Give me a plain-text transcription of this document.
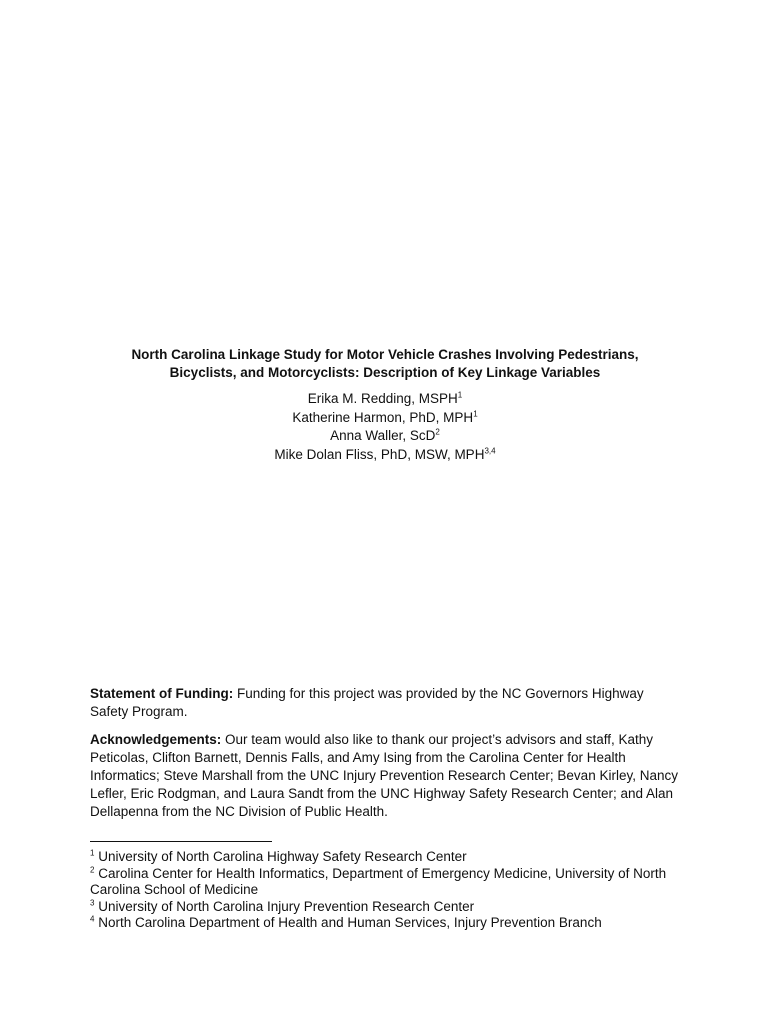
North Carolina Linkage Study for Motor Vehicle Crashes Involving Pedestrians,
Bicyclists, and Motorcyclists: Description of Key Linkage Variables
Erika M. Redding, MSPH$^1$
Katherine Harmon, PhD, MPH$^1$
Anna Waller, ScD$^2$
Mike Dolan Fliss, PhD, MSW, MPH$^{3,4}$
Statement of Funding: Funding for this project was provided by the NC Governors Highway Safety Program.
Acknowledgements: Our team would also like to thank our project’s advisors and staff, Kathy Peticolas, Clifton Barnett, Dennis Falls, and Amy Ising from the Carolina Center for Health Informatics; Steve Marshall from the UNC Injury Prevention Research Center; Bevan Kirley, Nancy Lefler, Eric Rodgman, and Laura Sandt from the UNC Highway Safety Research Center; and Alan Dellapenna from the NC Division of Public Health.
$^1$ University of North Carolina Highway Safety Research Center
$^2$ Carolina Center for Health Informatics, Department of Emergency Medicine, University of North Carolina School of Medicine
$^3$ University of North Carolina Injury Prevention Research Center
$^4$ North Carolina Department of Health and Human Services, Injury Prevention Branch
